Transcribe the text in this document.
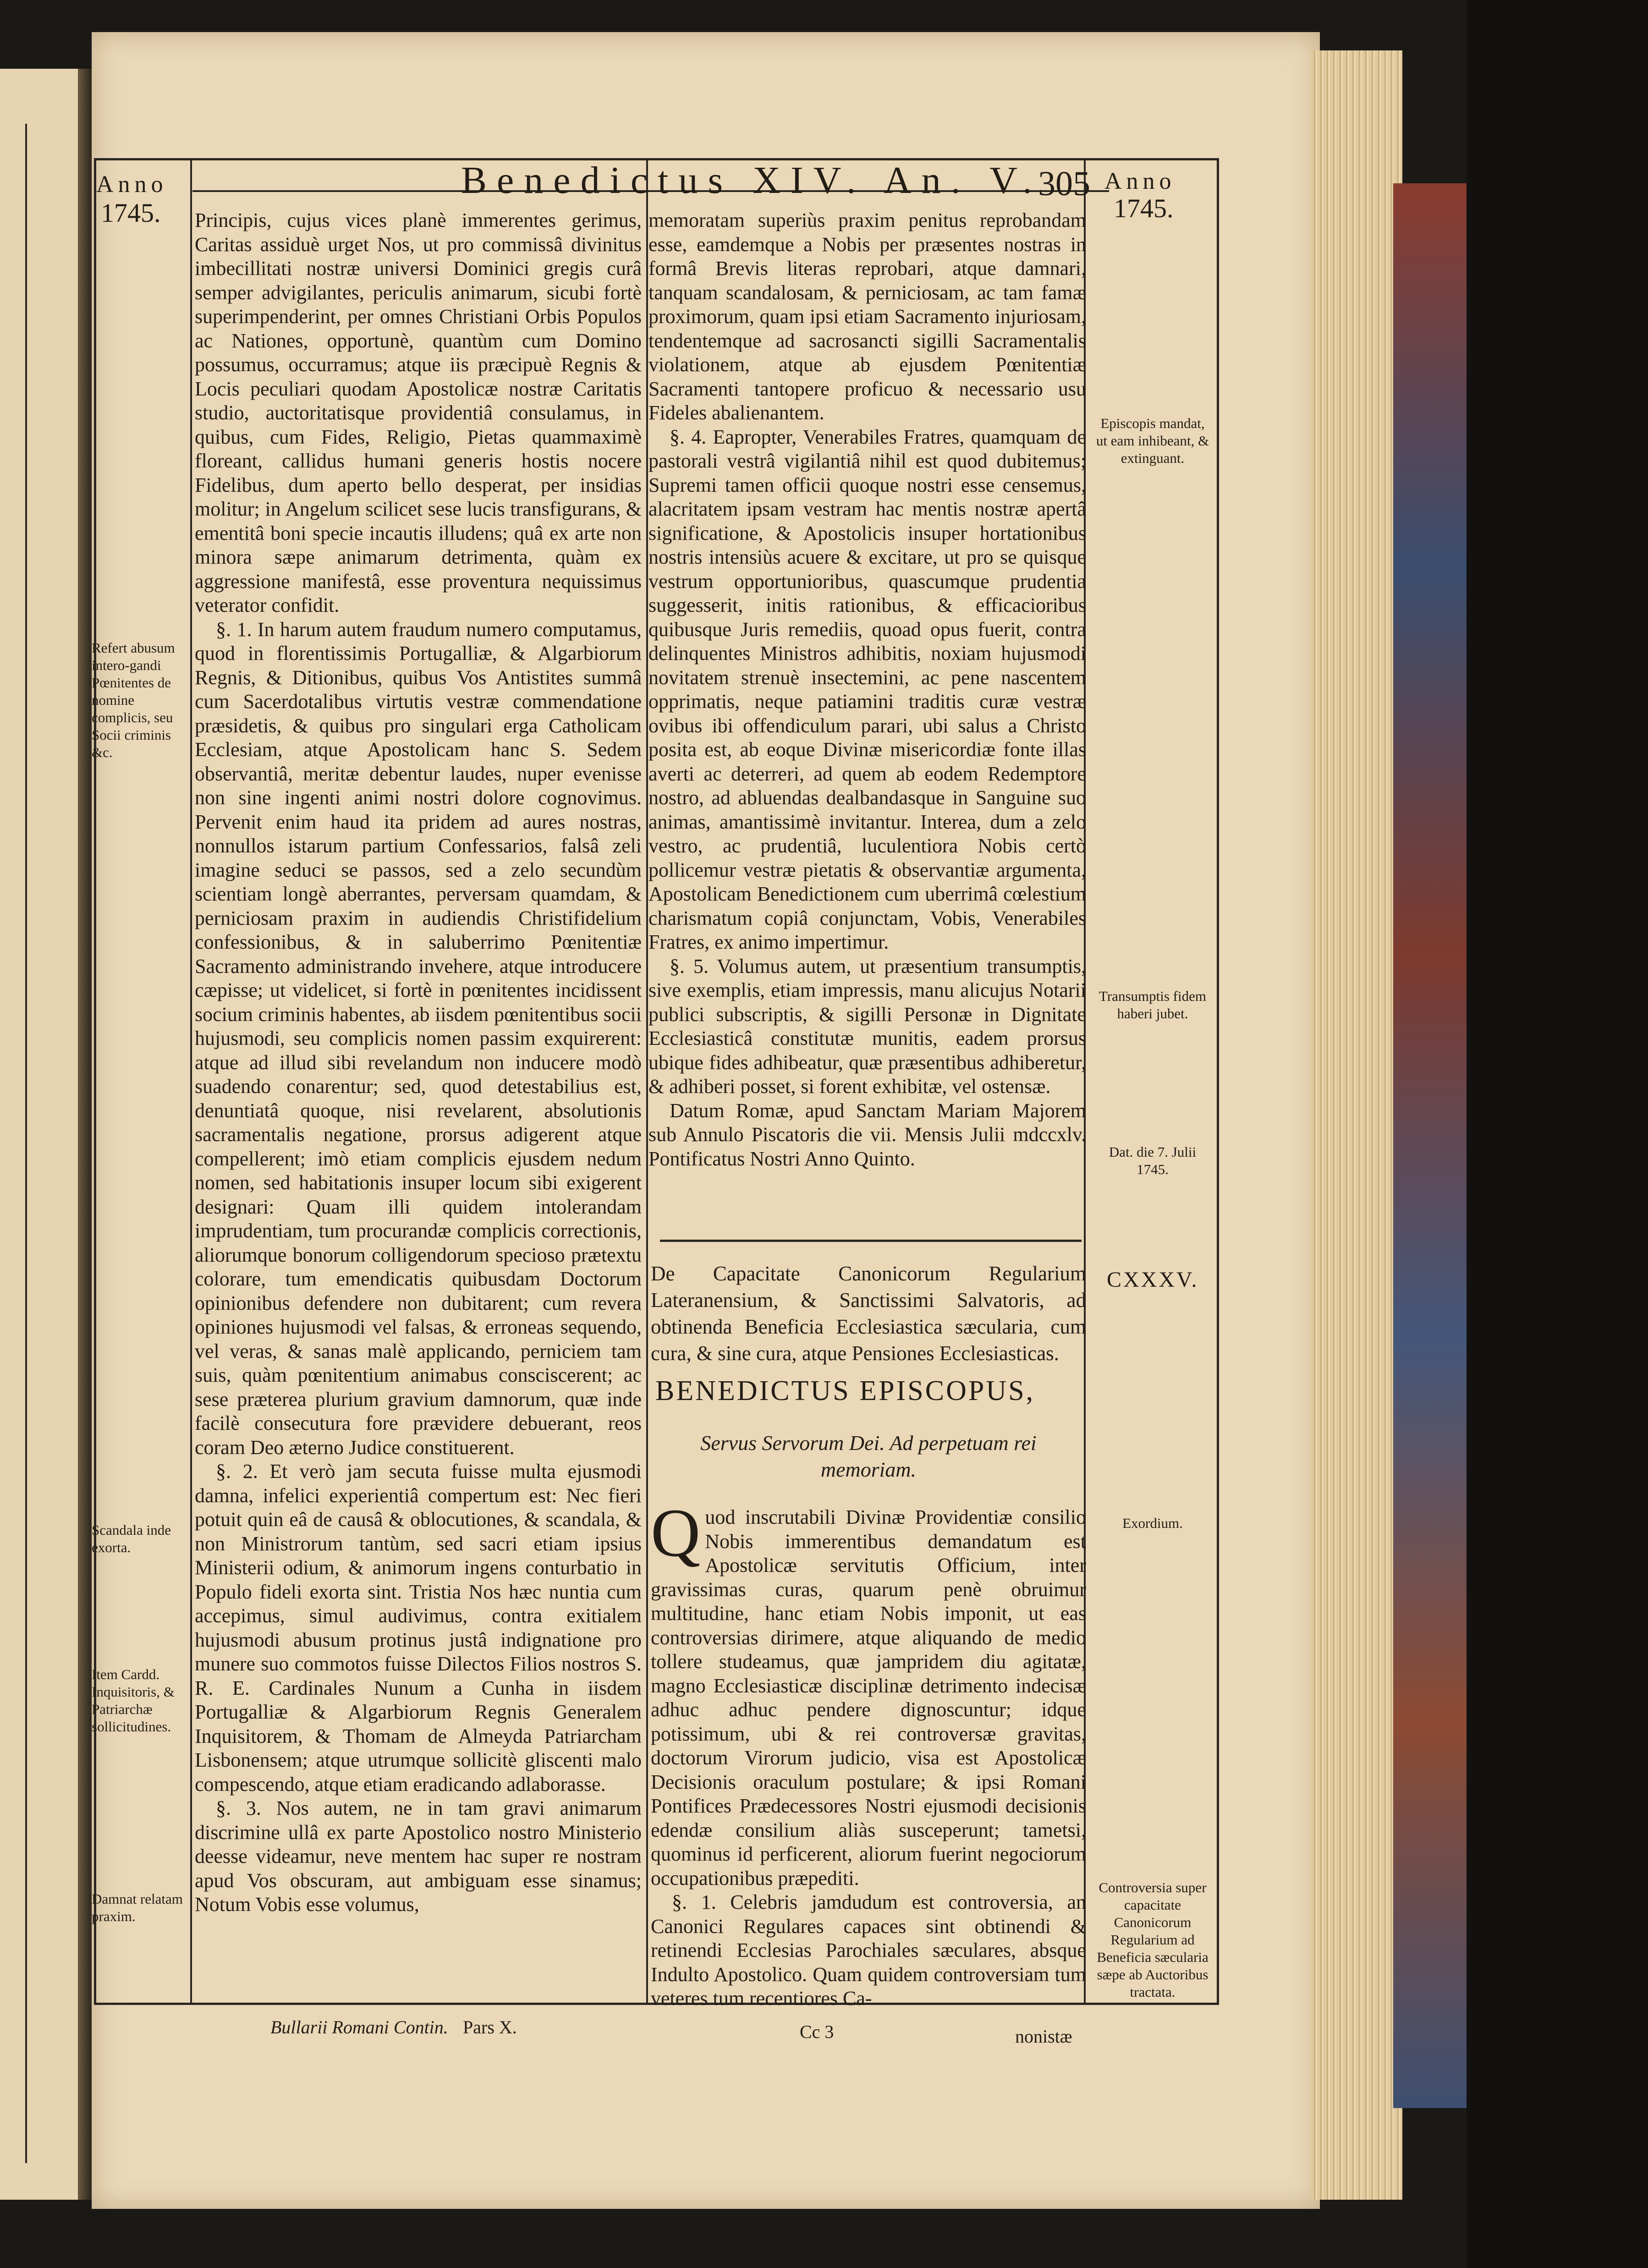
Anno
1745.
Benedictus XIV. An. V.
305 Anno
1745.

Principis, cujus vices planè immerentes gerimus, Caritas assiduè urget Nos, ut pro commissâ divinitus imbecillitati nostræ universi Dominici gregis curâ semper advigilantes, periculis animarum, sicubi fortè superimpenderint, per omnes Christiani Orbis Populos ac Nationes, opportunè, quantùm cum Domino possumus, occurramus; atque iis præcipuè Regnis & Locis peculiari quodam Apostolicæ nostræ Caritatis studio, auctoritatisque providentiâ consulamus, in quibus, cum Fides, Religio, Pietas quammaximè floreant, callidus humani generis hostis nocere Fidelibus, dum aperto bello desperat, per insidias molitur; in Angelum scilicet sese lucis transfigurans, & ementitâ boni specie incautis illudens; quâ ex arte non minora sæpe animarum detrimenta, quàm ex aggressione manifestâ, esse proventura nequissimus veterator confidit.

§. 1. In harum autem fraudum numero computamus, quod in florentissimis Portugalliæ, & Algarbiorum Regnis, & Ditionibus, quibus Vos Antistites summâ cum Sacerdotalibus virtutis vestræ commendatione præsidetis, & quibus pro singulari erga Catholicam Ecclesiam, atque Apostolicam hanc S. Sedem observantiâ, meritæ debentur laudes, nuper evenisse non sine ingenti animi nostri dolore cognovimus. Pervenit enim haud ita pridem ad aures nostras, nonnullos istarum partium Confessarios, falsâ zeli imagine seduci se passos, sed a zelo secundùm scientiam longè aberrantes, perversam quamdam, & perniciosam praxim in audiendis Christifidelium confessionibus, & in saluberrimo Pœnitentiæ Sacramento administrando invehere, atque introducere cæpisse; ut videlicet, si fortè in pœnitentes incidissent socium criminis habentes, ab iisdem pœnitentibus socii hujusmodi, seu complicis nomen passim exquirerent: atque ad illud sibi revelandum non inducere modò suadendo conarentur; sed, quod detestabilius est, denuntiatâ quoque, nisi revelarent, absolutionis sacramentalis negatione, prorsus adigerent atque compellerent; imò etiam complicis ejusdem nedum nomen, sed habitationis insuper locum sibi exigerent designari: Quam illi quidem intolerandam imprudentiam, tum procurandæ complicis correctionis, aliorumque bonorum colligendorum specioso prætextu colorare, tum emendicatis quibusdam Doctorum opinionibus defendere non dubitarent; cum revera opiniones hujusmodi vel falsas, & erroneas sequendo, vel veras, & sanas malè applicando, perniciem tam suis, quàm pœnitentium animabus consciscerent; ac sese præterea plurium gravium damnorum, quæ inde facilè consecutura fore prævidere debuerant, reos coram Deo æterno Judice constituerent.

§. 2. Et verò jam secuta fuisse multa ejusmodi damna, infelici experientiâ compertum est: Nec fieri potuit quin eâ de causâ & oblocutiones, & scandala, & non Ministrorum tantùm, sed sacri etiam ipsius Ministerii odium, & animorum ingens conturbatio in Populo fideli exorta sint. Tristia Nos hæc nuntia cum accepimus, simul audivimus, contra exitialem hujusmodi abusum protinus justâ indignatione pro munere suo commotos fuisse Dilectos Filios nostros S. R. E. Cardinales Nunum a Cunha in iisdem Portugalliæ & Algarbiorum Regnis Generalem Inquisitorem, & Thomam de Almeyda Patriarcham Lisbonensem; atque utrumque sollicitè gliscenti malo compescendo, atque etiam eradicando adlaborasse.

§. 3. Nos autem, ne in tam gravi animarum discrimine ullâ ex parte Apostolico nostro Ministerio deesse videamur, neve mentem hac super re nostram apud Vos obscuram, aut ambiguam esse sinamus; Notum Vobis esse volumus,

memoratam superiùs praxim penitus reprobandam esse, eamdemque a Nobis per præsentes nostras in formâ Brevis literas reprobari, atque damnari, tanquam scandalosam, & perniciosam, ac tam famæ proximorum, quam ipsi etiam Sacramento injuriosam, tendentemque ad sacrosancti sigilli Sacramentalis violationem, atque ab ejusdem Pœnitentiæ Sacramenti tantopere proficuo & necessario usu Fideles abalienantem.

§. 4. Eapropter, Venerabiles Fratres, quamquam de pastorali vestrâ vigilantiâ nihil est quod dubitemus; Supremi tamen officii quoque nostri esse censemus, alacritatem ipsam vestram hac mentis nostræ apertâ significatione, & Apostolicis insuper hortationibus nostris intensiùs acuere & excitare, ut pro se quisque vestrum opportunioribus, quascumque prudentia suggesserit, initis rationibus, & efficacioribus quibusque Juris remediis, quoad opus fuerit, contra delinquentes Ministros adhibitis, noxiam hujusmodi novitatem strenuè insectemini, ac pene nascentem opprimatis, neque patiamini traditis curæ vestræ ovibus ibi offendiculum parari, ubi salus a Christo posita est, ab eoque Divinæ misericordiæ fonte illas averti ac deterreri, ad quem ab eodem Redemptore nostro, ad abluendas dealbandasque in Sanguine suo animas, amantissimè invitantur. Interea, dum a zelo vestro, ac prudentiâ, luculentiora Nobis certò pollicemur vestræ pietatis & observantiæ argumenta, Apostolicam Benedictionem cum uberrimâ cœlestium charismatum copiâ conjunctam, Vobis, Venerabiles Fratres, ex animo impertimur.

§. 5. Volumus autem, ut præsentium transumptis, sive exemplis, etiam impressis, manu alicujus Notarii publici subscriptis, & sigilli Personæ in Dignitate Ecclesiasticâ constitutæ munitis, eadem prorsus ubique fides adhibeatur, quæ præsentibus adhiberetur, & adhiberi posset, si forent exhibitæ, vel ostensæ.

Datum Romæ, apud Sanctam Mariam Majorem sub Annulo Piscatoris die vii. Mensis Julii mdccxlv. Pontificatus Nostri Anno Quinto.

De Capacitate Canonicorum Regularium Lateranensium, & Sanctissimi Salvatoris, ad obtinenda Beneficia Ecclesiastica sæcularia, cum cura, & sine cura, atque Pensiones Ecclesiasticas.
CXXXV.
BENEDICTUS EPISCOPUS,
Servus Servorum Dei. Ad perpetuam rei memoriam.

Quod inscrutabili Divinæ Providentiæ consilio Nobis immerentibus demandatum est Apostolicæ servitutis Officium, inter gravissimas curas, quarum penè obruimur multitudine, hanc etiam Nobis imponit, ut eas controversias dirimere, atque aliquando de medio tollere studeamus, quæ jampridem diu agitatæ, magno Ecclesiasticæ disciplinæ detrimento indecisæ adhuc adhuc pendere dignoscuntur; idque potissimum, ubi & rei controversæ gravitas, doctorum Virorum judicio, visa est Apostolicæ Decisionis oraculum postulare; & ipsi Romani Pontifices Prædecessores Nostri ejusmodi decisionis edendæ consilium aliàs susceperunt; tametsi, quominus id perficerent, aliorum fuerint negociorum occupationibus præpediti.

§. 1. Celebris jamdudum est controversia, an Canonici Regulares capaces sint obtinendi & retinendi Ecclesias Parochiales sæculares, absque Indulto Apostolico. Quam quidem controversiam tum veteres tum recentiores Ca-

Refert abusum intero-gandi Pœnitentes de nomine complicis, seu Socii criminis &c.
Scandala inde exorta.
Item Cardd. Inquisitoris, & Patriarchæ sollicitudines.
Damnat relatam praxim.
Episcopis mandat, ut eam inhibeant, & extinguant.
Transumptis fidem haberi jubet.
Dat. die 7. Julii 1745.
Exordium.
Controversia super capacitate Canonicorum Regularium ad Beneficia sæcularia sæpe ab Auctoribus tractata.
Bullarii Romani Contin. Pars X.	Cc 3	nonistæ
